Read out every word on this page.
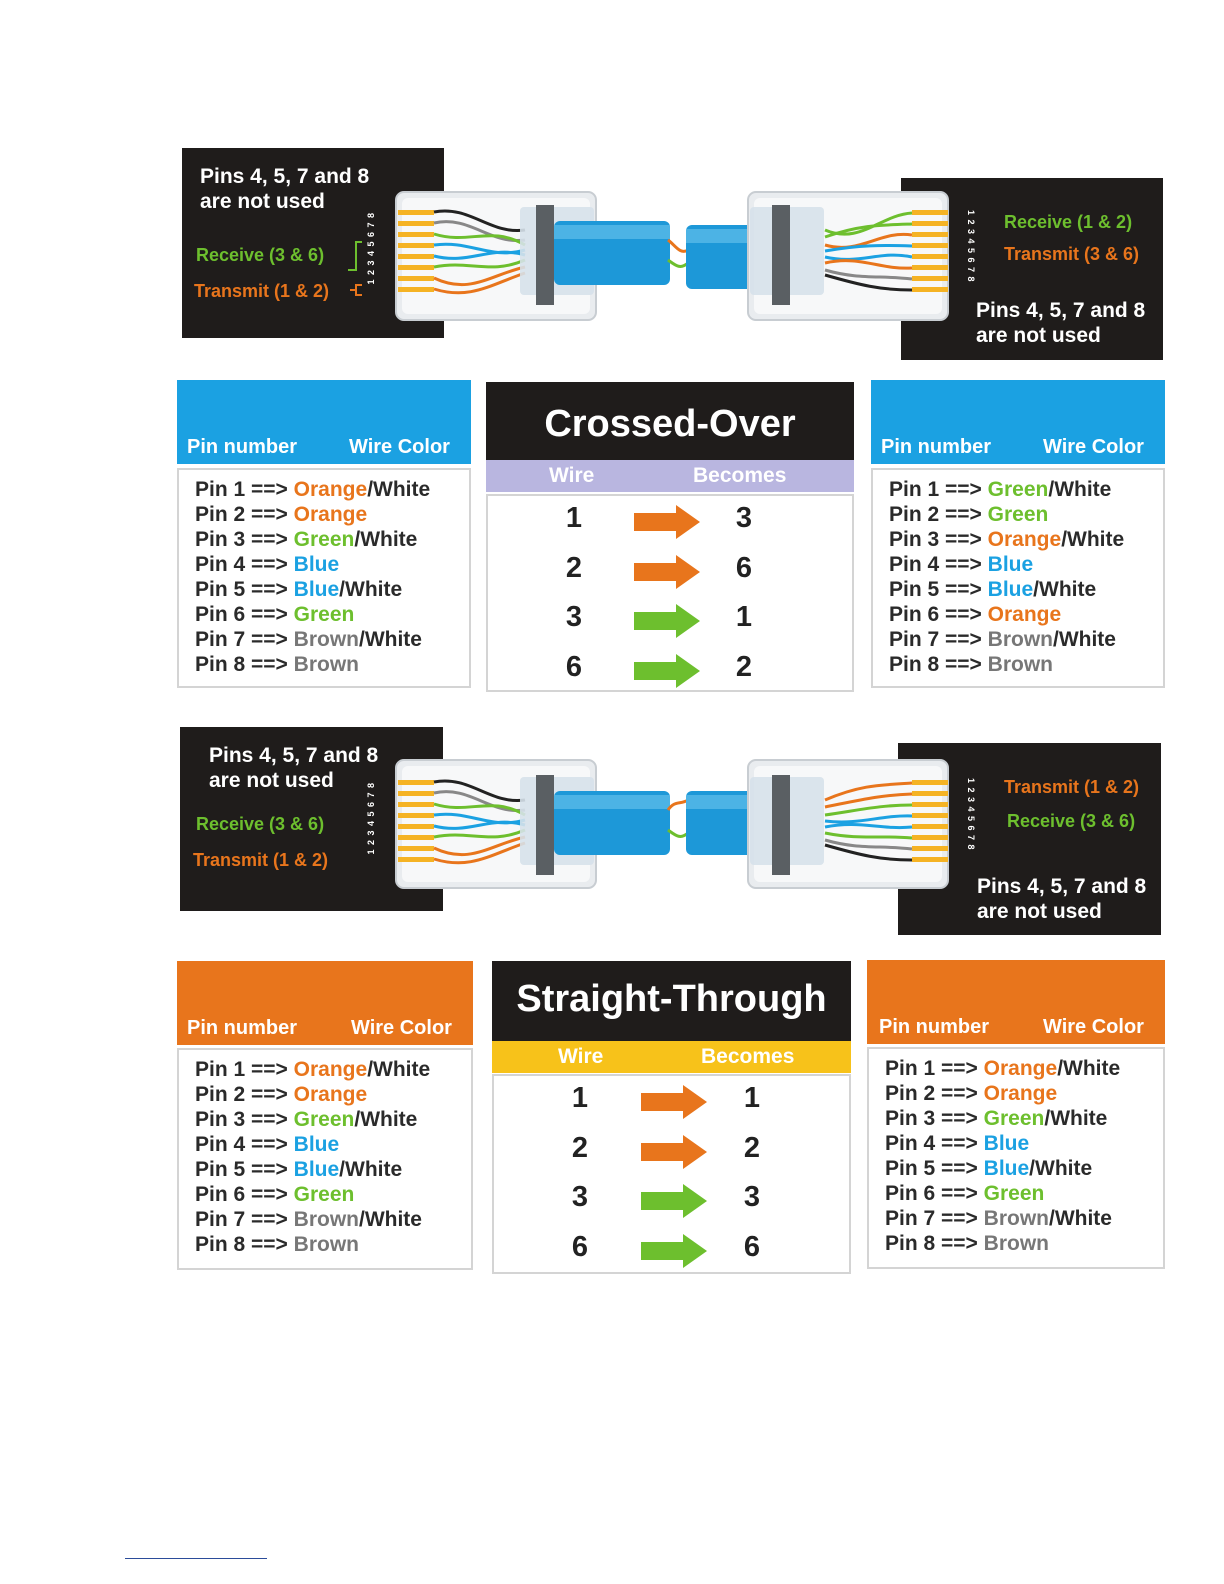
Pins 4, 5, 7 and 8
are not used
Receive (3 & 6)
Transmit (1 & 2)
Receive (1 & 2)
Transmit (3 & 6)
Pins 4, 5, 7 and 8
are not used
1 2 3 4 5 6 7 8	1 2 3 4 5 6 7 8
Pin number	Wire Color
Pin 1 ==> Orange/White
Pin 2 ==> Orange
Pin 3 ==> Green/White
Pin 4 ==> Blue
Pin 5 ==> Blue/White
Pin 6 ==> Green
Pin 7 ==> Brown/White
Pin 8 ==> Brown
Crossed-Over
Wire	Becomes
1	3
2	6
3	1
6	2
Pin number	Wire Color
Pin 1 ==> Green/White
Pin 2 ==> Green
Pin 3 ==> Orange/White
Pin 4 ==> Blue
Pin 5 ==> Blue/White
Pin 6 ==> Orange
Pin 7 ==> Brown/White
Pin 8 ==> Brown
Pins 4, 5, 7 and 8
are not used
Receive (3 & 6)
Transmit (1 & 2)
Transmit (1 & 2)
Receive (3 & 6)
Pins 4, 5, 7 and 8
are not used
1 2 3 4 5 6 7 8	1 2 3 4 5 6 7 8
Pin number	Wire Color
Pin 1 ==> Orange/White
Pin 2 ==> Orange
Pin 3 ==> Green/White
Pin 4 ==> Blue
Pin 5 ==> Blue/White
Pin 6 ==> Green
Pin 7 ==> Brown/White
Pin 8 ==> Brown
Straight-Through
Wire	Becomes
1	1
2	2
3	3
6	6
Pin number	Wire Color
Pin 1 ==> Orange/White
Pin 2 ==> Orange
Pin 3 ==> Green/White
Pin 4 ==> Blue
Pin 5 ==> Blue/White
Pin 6 ==> Green
Pin 7 ==> Brown/White
Pin 8 ==> Brown
